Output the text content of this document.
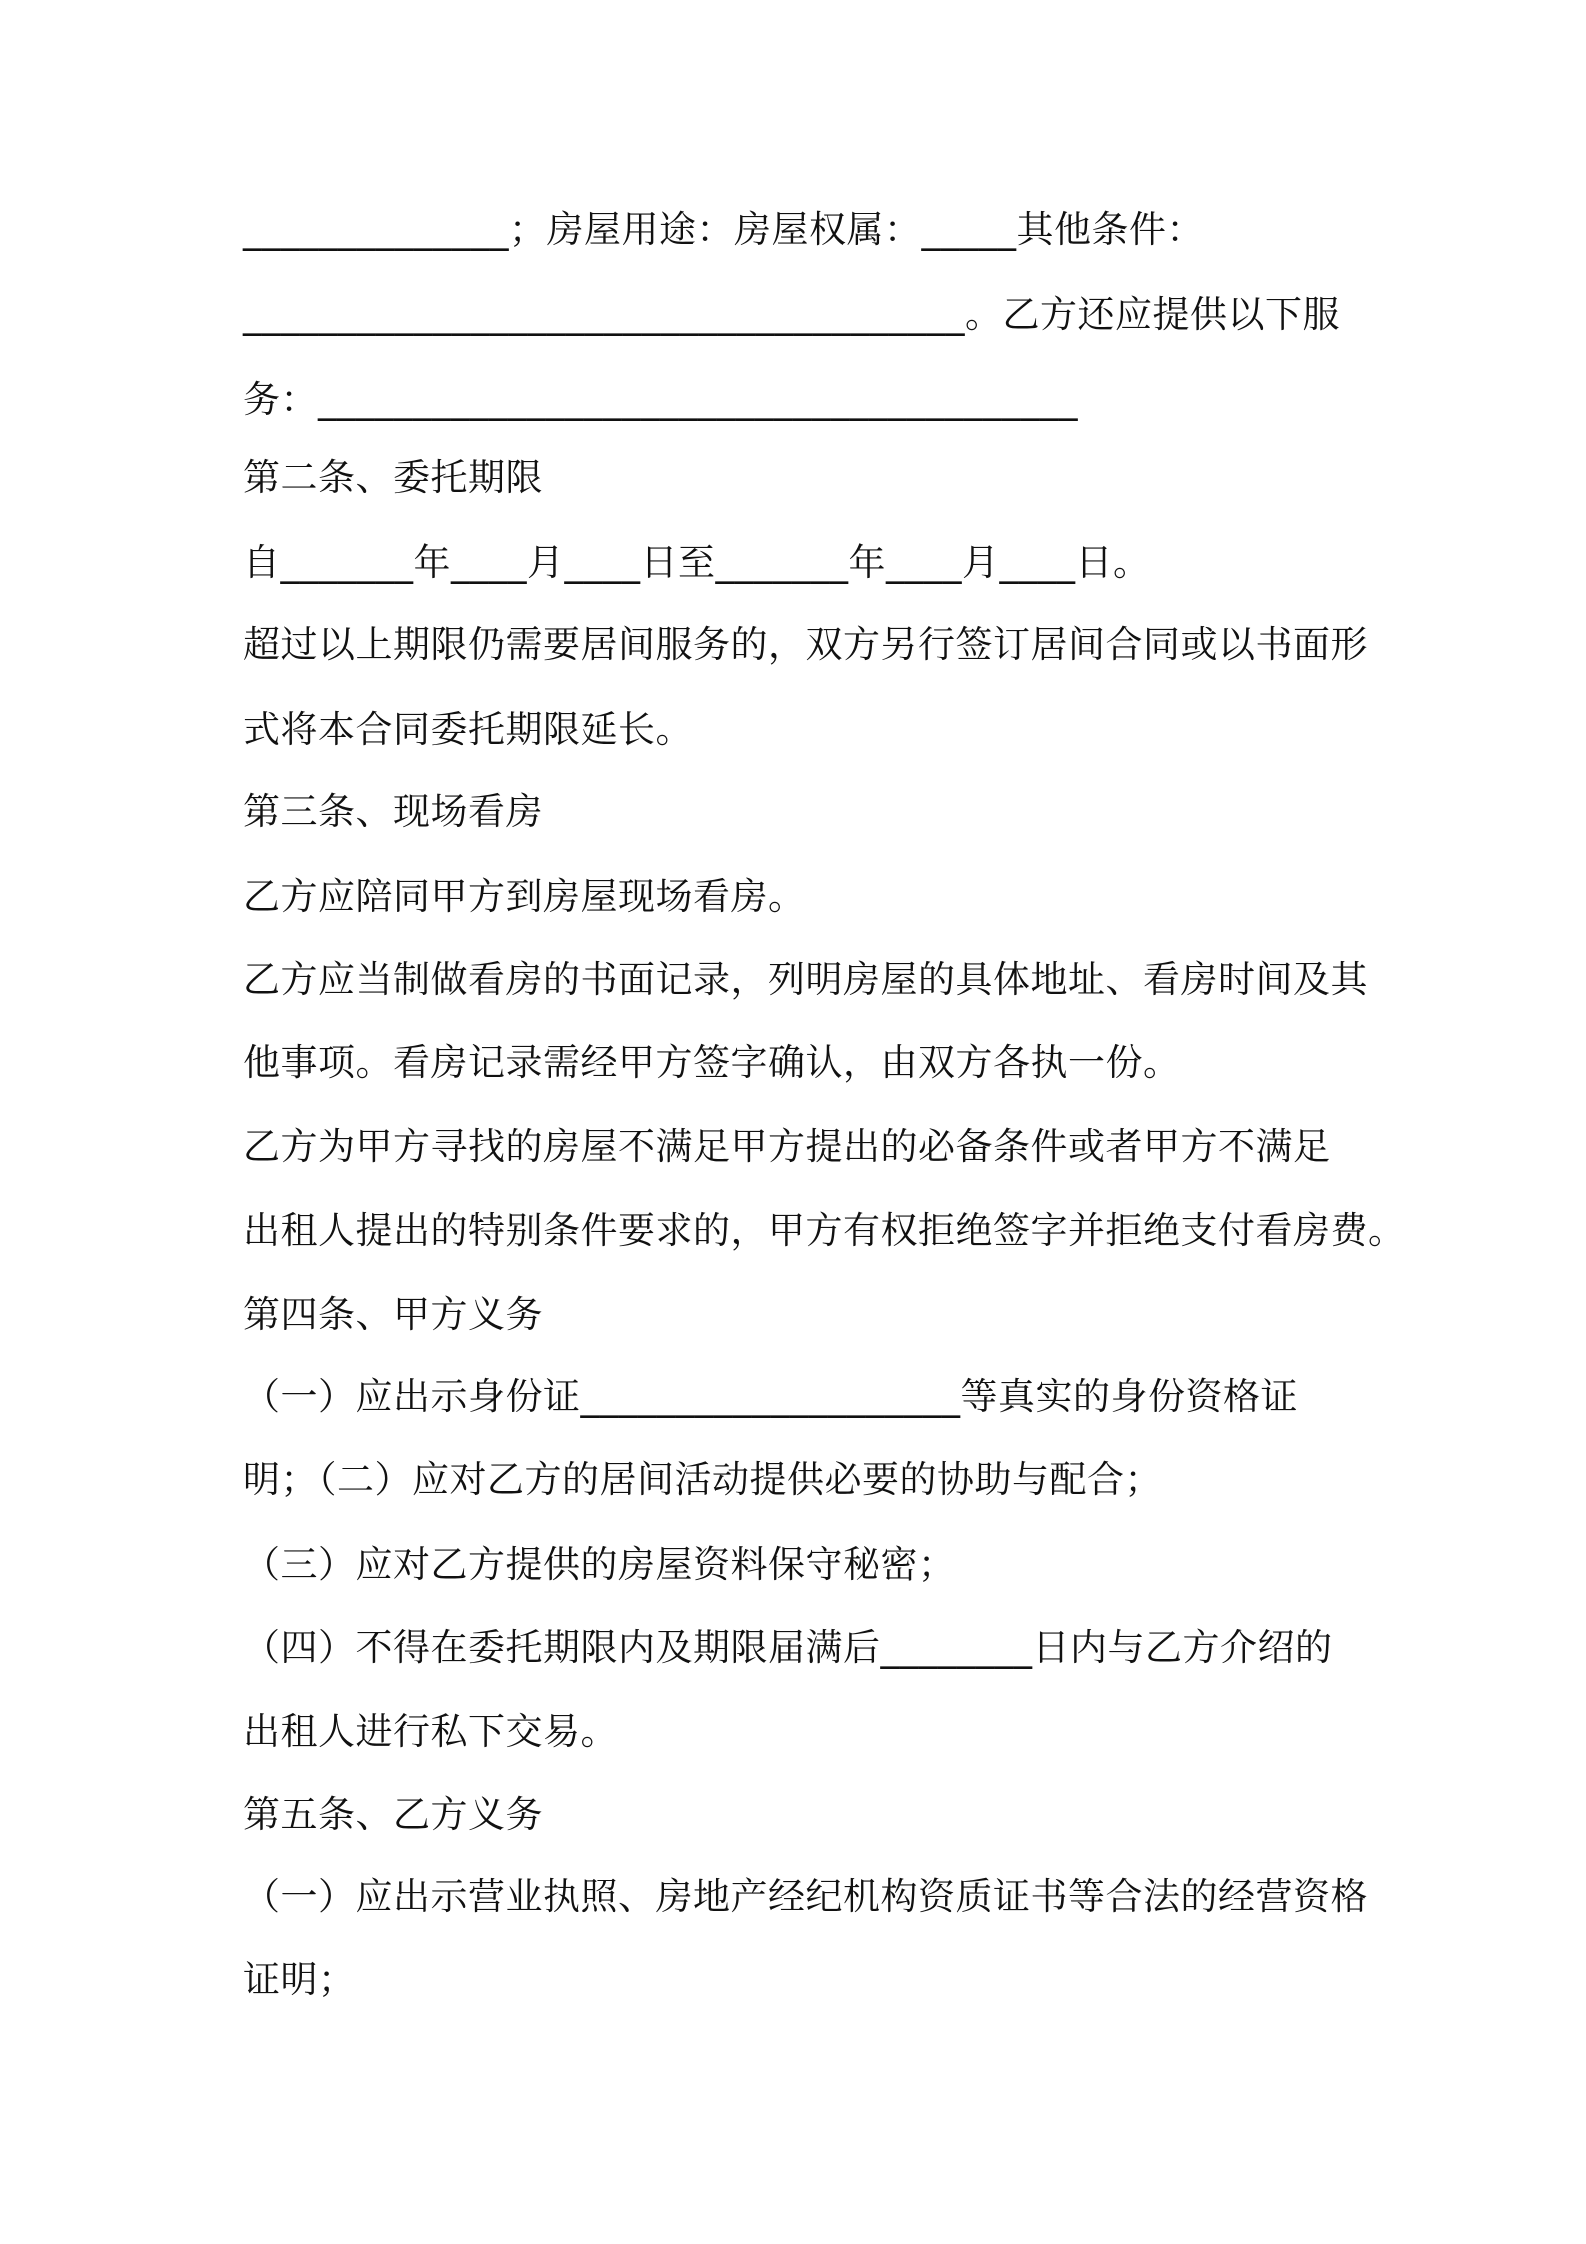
______________；房屋用途：房屋权属：_____其他条件：
______________________________________。乙方还应提供以下服
务：________________________________________
第二条、委托期限
自_______年____月____日至_______年____月____日。
超过以上期限仍需要居间服务的，双方另行签订居间合同或以书面形
式将本合同委托期限延长。
第三条、现场看房
乙方应陪同甲方到房屋现场看房。
乙方应当制做看房的书面记录，列明房屋的具体地址、看房时间及其
他事项。看房记录需经甲方签字确认，由双方各执一份。
乙方为甲方寻找的房屋不满足甲方提出的必备条件或者甲方不满足
出租人提出的特别条件要求的，甲方有权拒绝签字并拒绝支付看房费。
第四条、甲方义务
（一）应出示身份证____________________等真实的身份资格证
明；（二）应对乙方的居间活动提供必要的协助与配合；
（三）应对乙方提供的房屋资料保守秘密；
（四）不得在委托期限内及期限届满后________日内与乙方介绍的
出租人进行私下交易。
第五条、乙方义务
（一）应出示营业执照、房地产经纪机构资质证书等合法的经营资格
证明；
